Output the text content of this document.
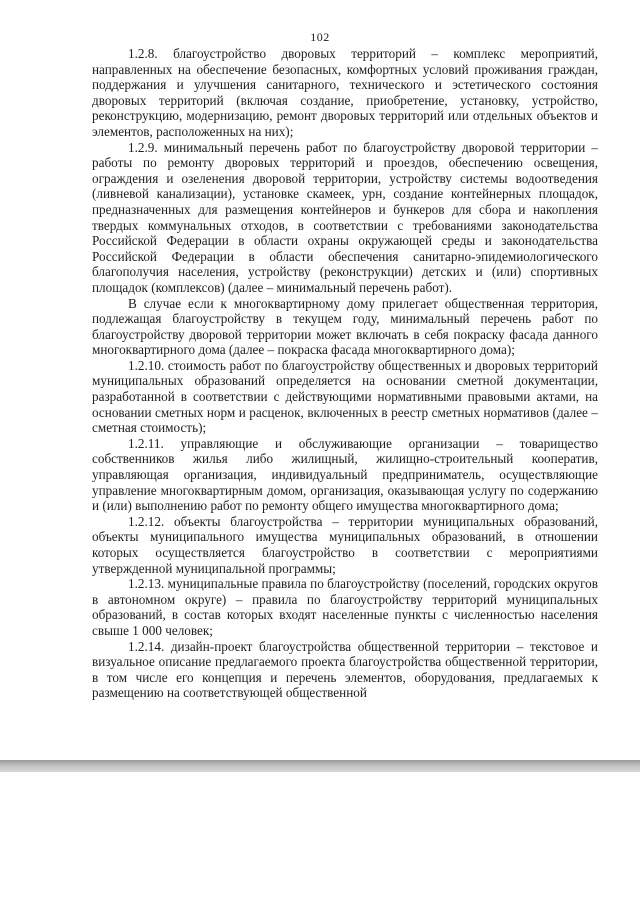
102

1.2.8. благоустройство дворовых территорий – комплекс мероприятий, направленных на обеспечение безопасных, комфортных условий проживания граждан, поддержания и улучшения санитарного, технического и эстетического состояния дворовых территорий (включая создание, приобретение, установку, устройство, реконструкцию, модернизацию, ремонт дворовых территорий или отдельных объектов и элементов, расположенных на них);

1.2.9. минимальный перечень работ по благоустройству дворовой территории – работы по ремонту дворовых территорий и проездов, обеспечению освещения, ограждения и озеленения дворовой территории, устройству системы водоотведения (ливневой канализации), установке скамеек, урн, создание контейнерных площадок, предназначенных для размещения контейнеров и бункеров для сбора и накопления твердых коммунальных отходов, в соответствии с требованиями законодательства Российской Федерации в области охраны окружающей среды и законодательства Российской Федерации в области обеспечения санитарно-эпидемиологического благополучия населения, устройству (реконструкции) детских и (или) спортивных площадок (комплексов) (далее – минимальный перечень работ).

В случае если к многоквартирному дому прилегает общественная территория, подлежащая благоустройству в текущем году, минимальный перечень работ по благоустройству дворовой территории может включать в себя покраску фасада данного многоквартирного дома (далее – покраска фасада многоквартирного дома);

1.2.10. стоимость работ по благоустройству общественных и дворовых территорий муниципальных образований определяется на основании сметной документации, разработанной в соответствии с действующими нормативными правовыми актами, на основании сметных норм и расценок, включенных в реестр сметных нормативов (далее – сметная стоимость);

1.2.11. управляющие и обслуживающие организации – товарищество собственников жилья либо жилищный, жилищно-строительный кооператив, управляющая организация, индивидуальный предприниматель, осуществляющие управление многоквартирным домом, организация, оказывающая услугу по содержанию и (или) выполнению работ по ремонту общего имущества многоквартирного дома;

1.2.12. объекты благоустройства – территории муниципальных образований, объекты муниципального имущества муниципальных образований, в отношении которых осуществляется благоустройство в соответствии с мероприятиями утвержденной муниципальной программы;

1.2.13. муниципальные правила по благоустройству (поселений, городских округов в автономном округе) – правила по благоустройству территорий муниципальных образований, в состав которых входят населенные пункты с численностью населения свыше 1 000 человек;

1.2.14. дизайн-проект благоустройства общественной территории – текстовое и визуальное описание предлагаемого проекта благоустройства общественной территории, в том числе его концепция и перечень элементов, оборудования, предлагаемых к размещению на соответствующей общественной
